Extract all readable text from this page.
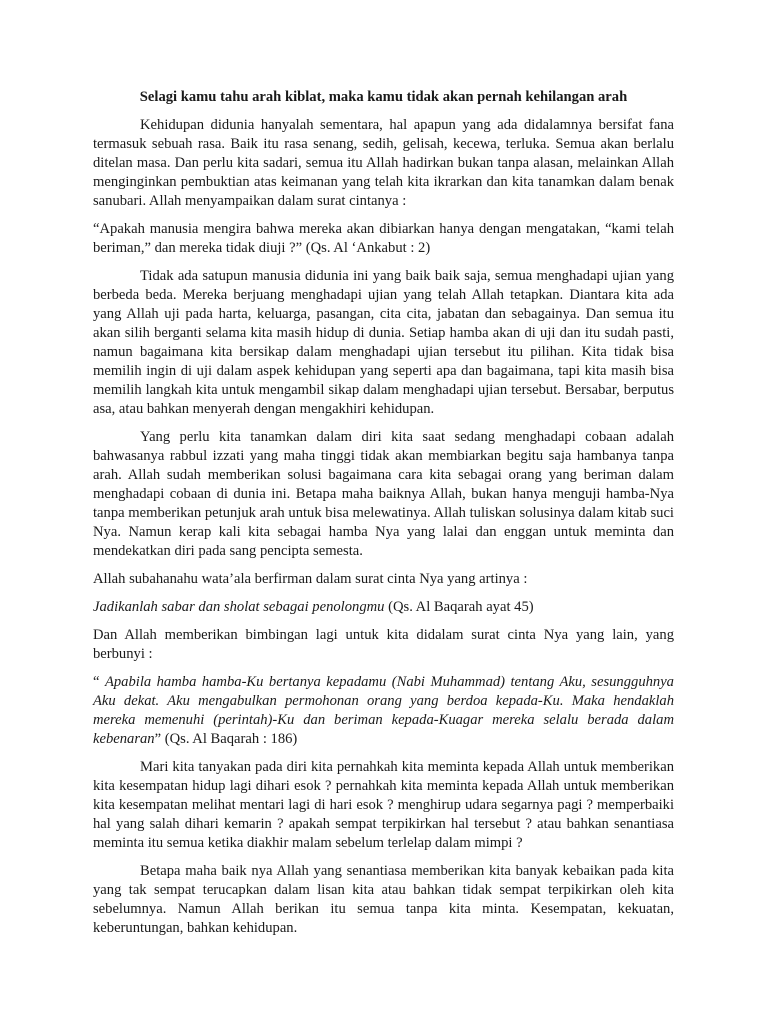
Selagi kamu tahu arah kiblat, maka kamu tidak akan pernah kehilangan arah

Kehidupan didunia hanyalah sementara, hal apapun yang ada didalamnya bersifat fana termasuk sebuah rasa. Baik itu rasa senang, sedih, gelisah, kecewa, terluka. Semua akan berlalu ditelan masa. Dan perlu kita sadari, semua itu Allah hadirkan bukan tanpa alasan, melainkan Allah menginginkan pembuktian atas keimanan yang telah kita ikrarkan dan kita tanamkan dalam benak sanubari. Allah menyampaikan dalam surat cintanya :

“Apakah manusia mengira bahwa mereka akan dibiarkan hanya dengan mengatakan, “kami telah beriman,” dan mereka tidak diuji ?” (Qs. Al ‘Ankabut : 2)

Tidak ada satupun manusia didunia ini yang baik baik saja, semua menghadapi ujian yang berbeda beda. Mereka berjuang menghadapi ujian yang telah Allah tetapkan. Diantara kita ada yang Allah uji pada harta, keluarga, pasangan, cita cita, jabatan dan sebagainya. Dan semua itu akan silih berganti selama kita masih hidup di dunia. Setiap hamba akan di uji dan itu sudah pasti, namun bagaimana kita bersikap dalam menghadapi ujian tersebut itu pilihan. Kita tidak bisa memilih ingin di uji dalam aspek kehidupan yang seperti apa dan bagaimana, tapi kita masih bisa memilih langkah kita untuk mengambil sikap dalam menghadapi ujian tersebut. Bersabar, berputus asa, atau bahkan menyerah dengan mengakhiri kehidupan.

Yang perlu kita tanamkan dalam diri kita saat sedang menghadapi cobaan adalah bahwasanya rabbul izzati yang maha tinggi tidak akan membiarkan begitu saja hambanya tanpa arah. Allah sudah memberikan solusi bagaimana cara kita sebagai orang yang beriman dalam menghadapi cobaan di dunia ini. Betapa maha baiknya Allah, bukan hanya menguji hamba-Nya tanpa memberikan petunjuk arah untuk bisa melewatinya. Allah tuliskan solusinya dalam kitab suci Nya. Namun kerap kali kita sebagai hamba Nya yang lalai dan enggan untuk meminta dan mendekatkan diri pada sang pencipta semesta.

Allah subahanahu wata’ala berfirman dalam surat cinta Nya yang artinya :

Jadikanlah sabar dan sholat sebagai penolongmu (Qs. Al Baqarah ayat 45)

Dan Allah memberikan bimbingan lagi untuk kita didalam surat cinta Nya yang lain, yang berbunyi :

“ Apabila hamba hamba-Ku bertanya kepadamu (Nabi Muhammad) tentang Aku, sesungguhnya Aku dekat. Aku mengabulkan permohonan orang yang berdoa kepada-Ku. Maka hendaklah mereka memenuhi (perintah)-Ku dan beriman kepada-Kuagar mereka selalu berada dalam kebenaran” (Qs. Al Baqarah : 186)

Mari kita tanyakan pada diri kita pernahkah kita meminta kepada Allah untuk memberikan kita kesempatan hidup lagi dihari esok ? pernahkah kita meminta kepada Allah untuk memberikan kita kesempatan melihat mentari lagi di hari esok ? menghirup udara segarnya pagi ? memperbaiki hal yang salah dihari kemarin ? apakah sempat terpikirkan hal tersebut ? atau bahkan senantiasa meminta itu semua ketika diakhir malam sebelum terlelap dalam mimpi ?

Betapa maha baik nya Allah yang senantiasa memberikan kita banyak kebaikan pada kita yang tak sempat terucapkan dalam lisan kita atau bahkan tidak sempat terpikirkan oleh kita sebelumnya. Namun Allah berikan itu semua tanpa kita minta. Kesempatan, kekuatan, keberuntungan, bahkan kehidupan.
